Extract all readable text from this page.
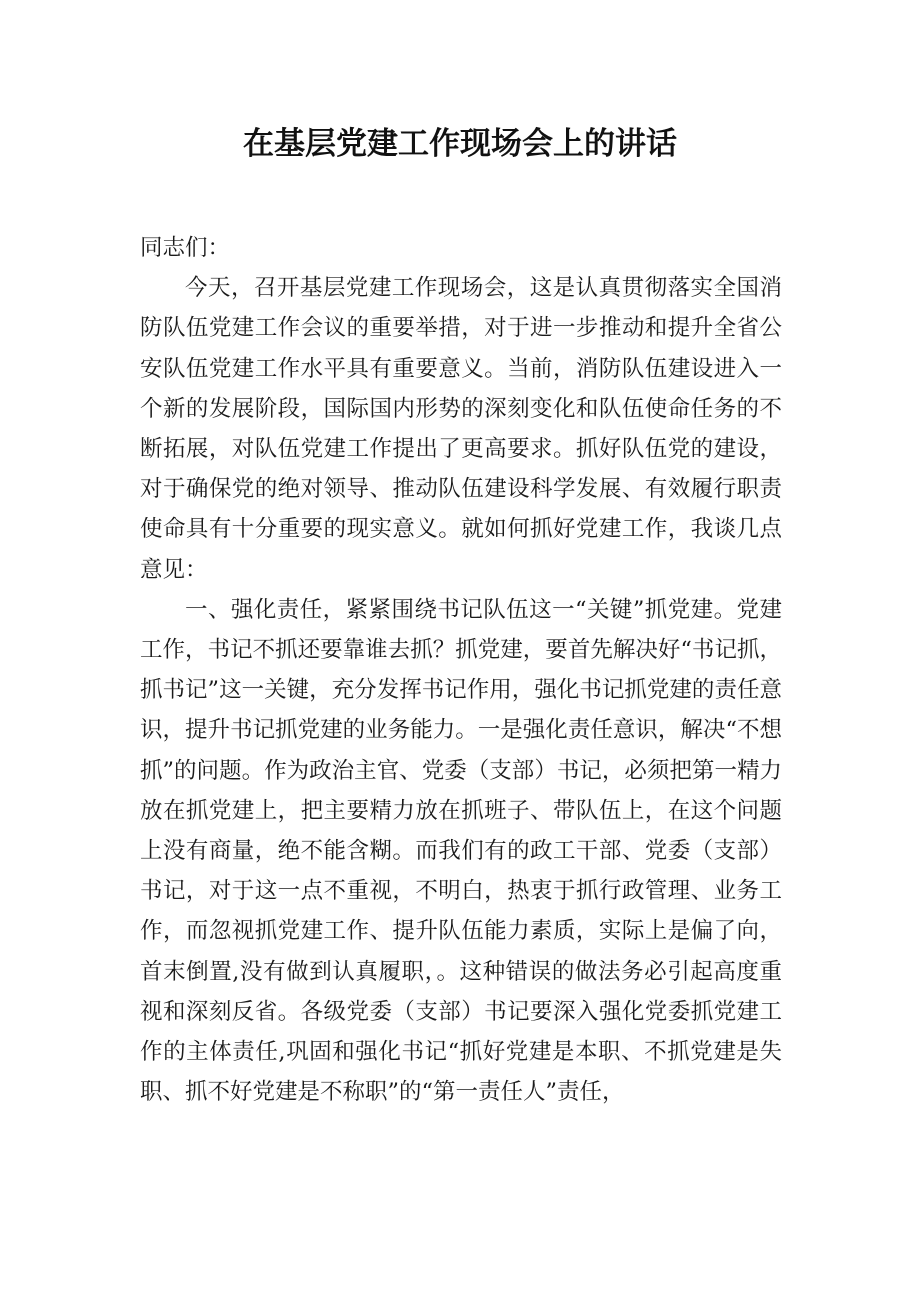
在基层党建工作现场会上的讲话

同志们：

今天，召开基层党建工作现场会，这是认真贯彻落实全国消防队伍党建工作会议的重要举措，对于进一步推动和提升全省公安队伍党建工作水平具有重要意义。当前，消防队伍建设进入一个新的发展阶段，国际国内形势的深刻变化和队伍使命任务的不断拓展，对队伍党建工作提出了更高要求。抓好队伍党的建设，对于确保党的绝对领导、推动队伍建设科学发展、有效履行职责使命具有十分重要的现实意义。就如何抓好党建工作，我谈几点意见：

一、强化责任，紧紧围绕书记队伍这一“关键”抓党建。党建工作，书记不抓还要靠谁去抓？抓党建，要首先解决好“书记抓，抓书记”这一关键，充分发挥书记作用，强化书记抓党建的责任意识，提升书记抓党建的业务能力。一是强化责任意识，解决“不想抓”的问题。作为政治主官、党委（支部）书记，必须把第一精力放在抓党建上，把主要精力放在抓班子、带队伍上，在这个问题上没有商量，绝不能含糊。而我们有的政工干部、党委（支部）书记，对于这一点不重视，不明白，热衷于抓行政管理、业务工作，而忽视抓党建工作、提升队伍能力素质，实际上是偏了向，首末倒置,没有做到认真履职，。这种错误的做法务必引起高度重视和深刻反省。各级党委（支部）书记要深入强化党委抓党建工作的主体责任,巩固和强化书记“抓好党建是本职、不抓党建是失职、抓不好党建是不称职”的“第一责任人”责任，
